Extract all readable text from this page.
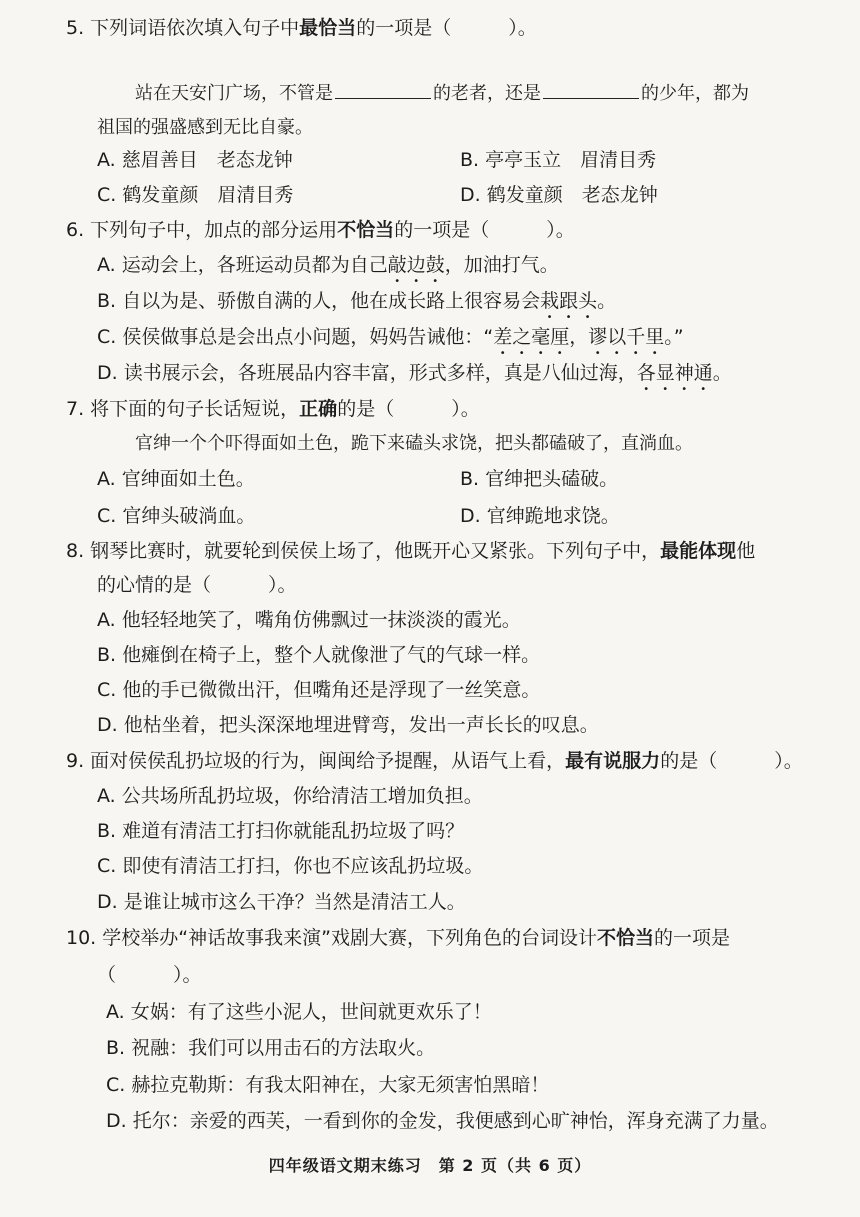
5. 下列词语依次填入句子中最恰当的一项是（　　　）。
站在天安门广场，不管是	的老者，还是	的少年，都为
祖国的强盛感到无比自豪。
A. 慈眉善目　老态龙钟	B. 亭亭玉立　眉清目秀
C. 鹤发童颜　眉清目秀	D. 鹤发童颜　老态龙钟
6. 下列句子中，加点的部分运用不恰当的一项是（　　　）。
A. 运动会上，各班运动员都为自己敲边鼓，加油打气。
B. 自以为是、骄傲自满的人，他在成长路上很容易会栽跟头。
C. 侯侯做事总是会出点小问题，妈妈告诫他：“差之毫厘，谬以千里。”
D. 读书展示会，各班展品内容丰富，形式多样，真是八仙过海，各显神通。
7. 将下面的句子长话短说，正确的是（　　　）。
官绅一个个吓得面如土色，跪下来磕头求饶，把头都磕破了，直淌血。
A. 官绅面如土色。	B. 官绅把头磕破。
C. 官绅头破淌血。	D. 官绅跪地求饶。
8. 钢琴比赛时，就要轮到侯侯上场了，他既开心又紧张。下列句子中，最能体现他
的心情的是（　　　）。
A. 他轻轻地笑了，嘴角仿佛飘过一抹淡淡的霞光。
B. 他瘫倒在椅子上，整个人就像泄了气的气球一样。
C. 他的手已微微出汗，但嘴角还是浮现了一丝笑意。
D. 他枯坐着，把头深深地埋进臂弯，发出一声长长的叹息。
9. 面对侯侯乱扔垃圾的行为，闽闽给予提醒，从语气上看，最有说服力的是（　　　）。
A. 公共场所乱扔垃圾，你给清洁工增加负担。
B. 难道有清洁工打扫你就能乱扔垃圾了吗？
C. 即使有清洁工打扫，你也不应该乱扔垃圾。
D. 是谁让城市这么干净？当然是清洁工人。
10. 学校举办“神话故事我来演”戏剧大赛，下列角色的台词设计不恰当的一项是
（　　　）。
A. 女娲：有了这些小泥人，世间就更欢乐了！
B. 祝融：我们可以用击石的方法取火。
C. 赫拉克勒斯：有我太阳神在，大家无须害怕黑暗！
D. 托尔：亲爱的西芙，一看到你的金发，我便感到心旷神怡，浑身充满了力量。
四年级语文期末练习　第 2 页（共 6 页）
